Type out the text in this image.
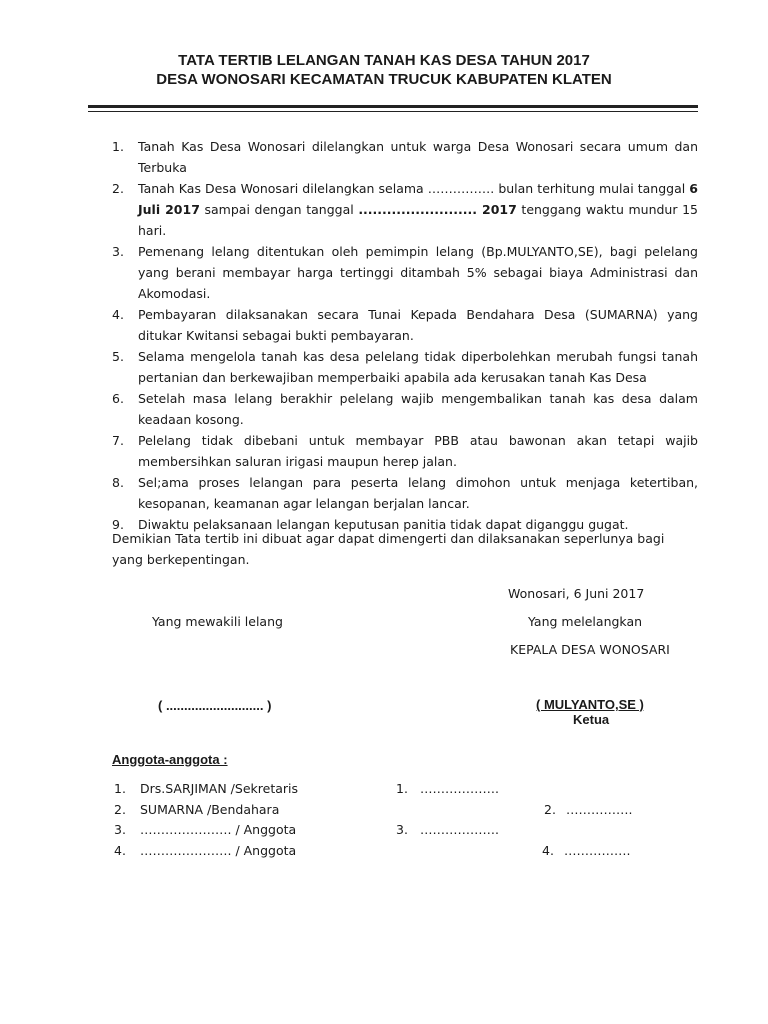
TATA TERTIB LELANGAN TANAH KAS DESA TAHUN 2017
DESA WONOSARI KECAMATAN TRUCUK KABUPATEN KLATEN
1. Tanah Kas Desa Wonosari dilelangkan untuk warga Desa Wonosari secara umum dan Terbuka
2. Tanah Kas Desa Wonosari dilelangkan selama ……………. bulan terhitung mulai tanggal 6 Juli 2017 sampai dengan tanggal ......................... 2017 tenggang waktu mundur 15 hari.
3. Pemenang lelang ditentukan oleh pemimpin lelang (Bp.MULYANTO,SE), bagi pelelang yang berani membayar harga tertinggi ditambah 5% sebagai biaya Administrasi dan Akomodasi.
4. Pembayaran dilaksanakan secara Tunai Kepada Bendahara Desa (SUMARNA) yang ditukar Kwitansi sebagai bukti pembayaran.
5. Selama mengelola tanah kas desa pelelang tidak diperbolehkan merubah fungsi tanah pertanian dan berkewajiban memperbaiki apabila ada kerusakan tanah Kas Desa
6. Setelah masa lelang berakhir pelelang wajib mengembalikan tanah kas desa dalam keadaan kosong.
7. Pelelang tidak dibebani untuk membayar PBB atau bawonan akan tetapi wajib membersihkan saluran irigasi maupun herep jalan.
8. Sel;ama proses lelangan para peserta lelang dimohon untuk menjaga ketertiban, kesopanan, keamanan agar lelangan berjalan lancar.
9. Diwaktu pelaksanaan lelangan keputusan panitia tidak dapat diganggu gugat.
Demikian Tata tertib ini dibuat agar dapat dimengerti dan dilaksanakan seperlunya bagi yang berkepentingan.
Wonosari, 6 Juni 2017
Yang mewakili lelang	Yang melelangkan
KEPALA DESA WONOSARI
( ........................... )	( MULYANTO,SE )
Ketua
Anggota-anggota :
1. Drs.SARJIMAN /Sekretaris
2. SUMARNA /Bendahara
3. …………………. / Anggota
4. …………………. / Anggota
1. ……………….
2. …………….
3. ……………….
4. …………….
